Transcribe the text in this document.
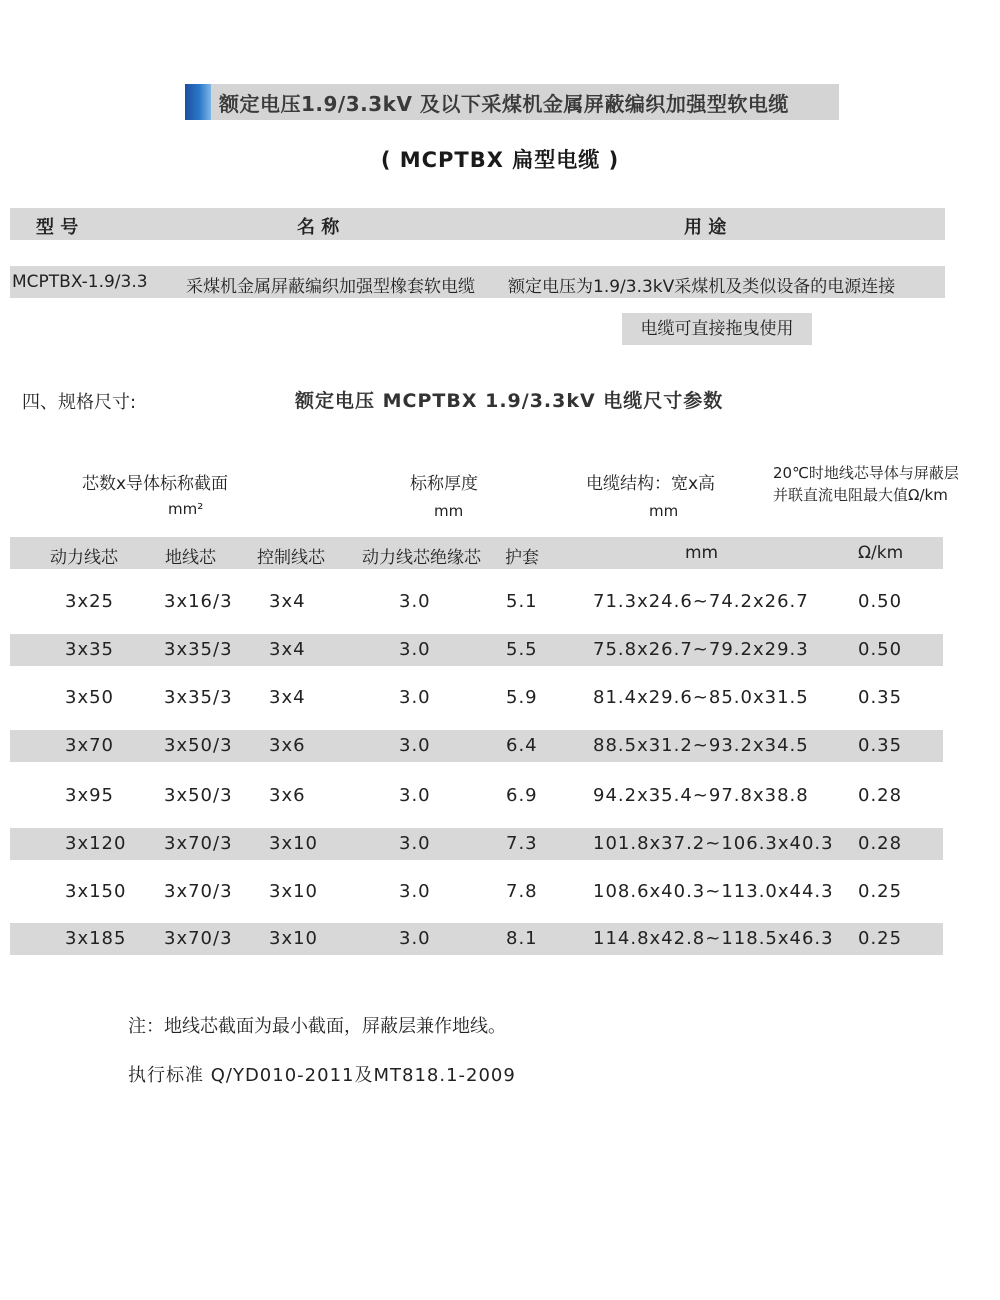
额定电压1.9/3.3kV 及以下采煤机金属屏蔽编织加强型软电缆
( MCPTBX 扁型电缆 )
型 号	名 称	用 途
MCPTBX-1.9/3.3 采煤机金属屏蔽编织加强型橡套软电缆 额定电压为1.9/3.3kV采煤机及类似设备的电源连接
电缆可直接拖曳使用
四、规格尺寸:	额定电压 MCPTBX 1.9/3.3kV 电缆尺寸参数
芯数x导体标称截面
mm²
标称厚度
mm
电缆结构：宽x高
mm
20℃时地线芯导体与屏蔽层
并联直流电阻最大值Ω/km
动力线芯	地线芯 控制线芯 动力线芯绝缘芯 护套	mm	Ω/km
3x25	3x16/3 3x4	3.0	5.1	71.3x24.6~74.2x26.7	0.50
3x35	3x35/3 3x4	3.0	5.5	75.8x26.7~79.2x29.3	0.50
3x50	3x35/3 3x4	3.0	5.9	81.4x29.6~85.0x31.5	0.35
3x70	3x50/3 3x6	3.0	6.4	88.5x31.2~93.2x34.5	0.35
3x95	3x50/3 3x6	3.0	6.9	94.2x35.4~97.8x38.8	0.28
3x120 3x70/3 3x10	3.0	7.3	101.8x37.2~106.3x40.3 0.28
3x150 3x70/3 3x10	3.0	7.8	108.6x40.3~113.0x44.3 0.25
3x185 3x70/3 3x10	3.0	8.1	114.8x42.8~118.5x46.3 0.25
注：地线芯截面为最小截面，屏蔽层兼作地线。
执行标准 Q/YD010-2011及MT818.1-2009
